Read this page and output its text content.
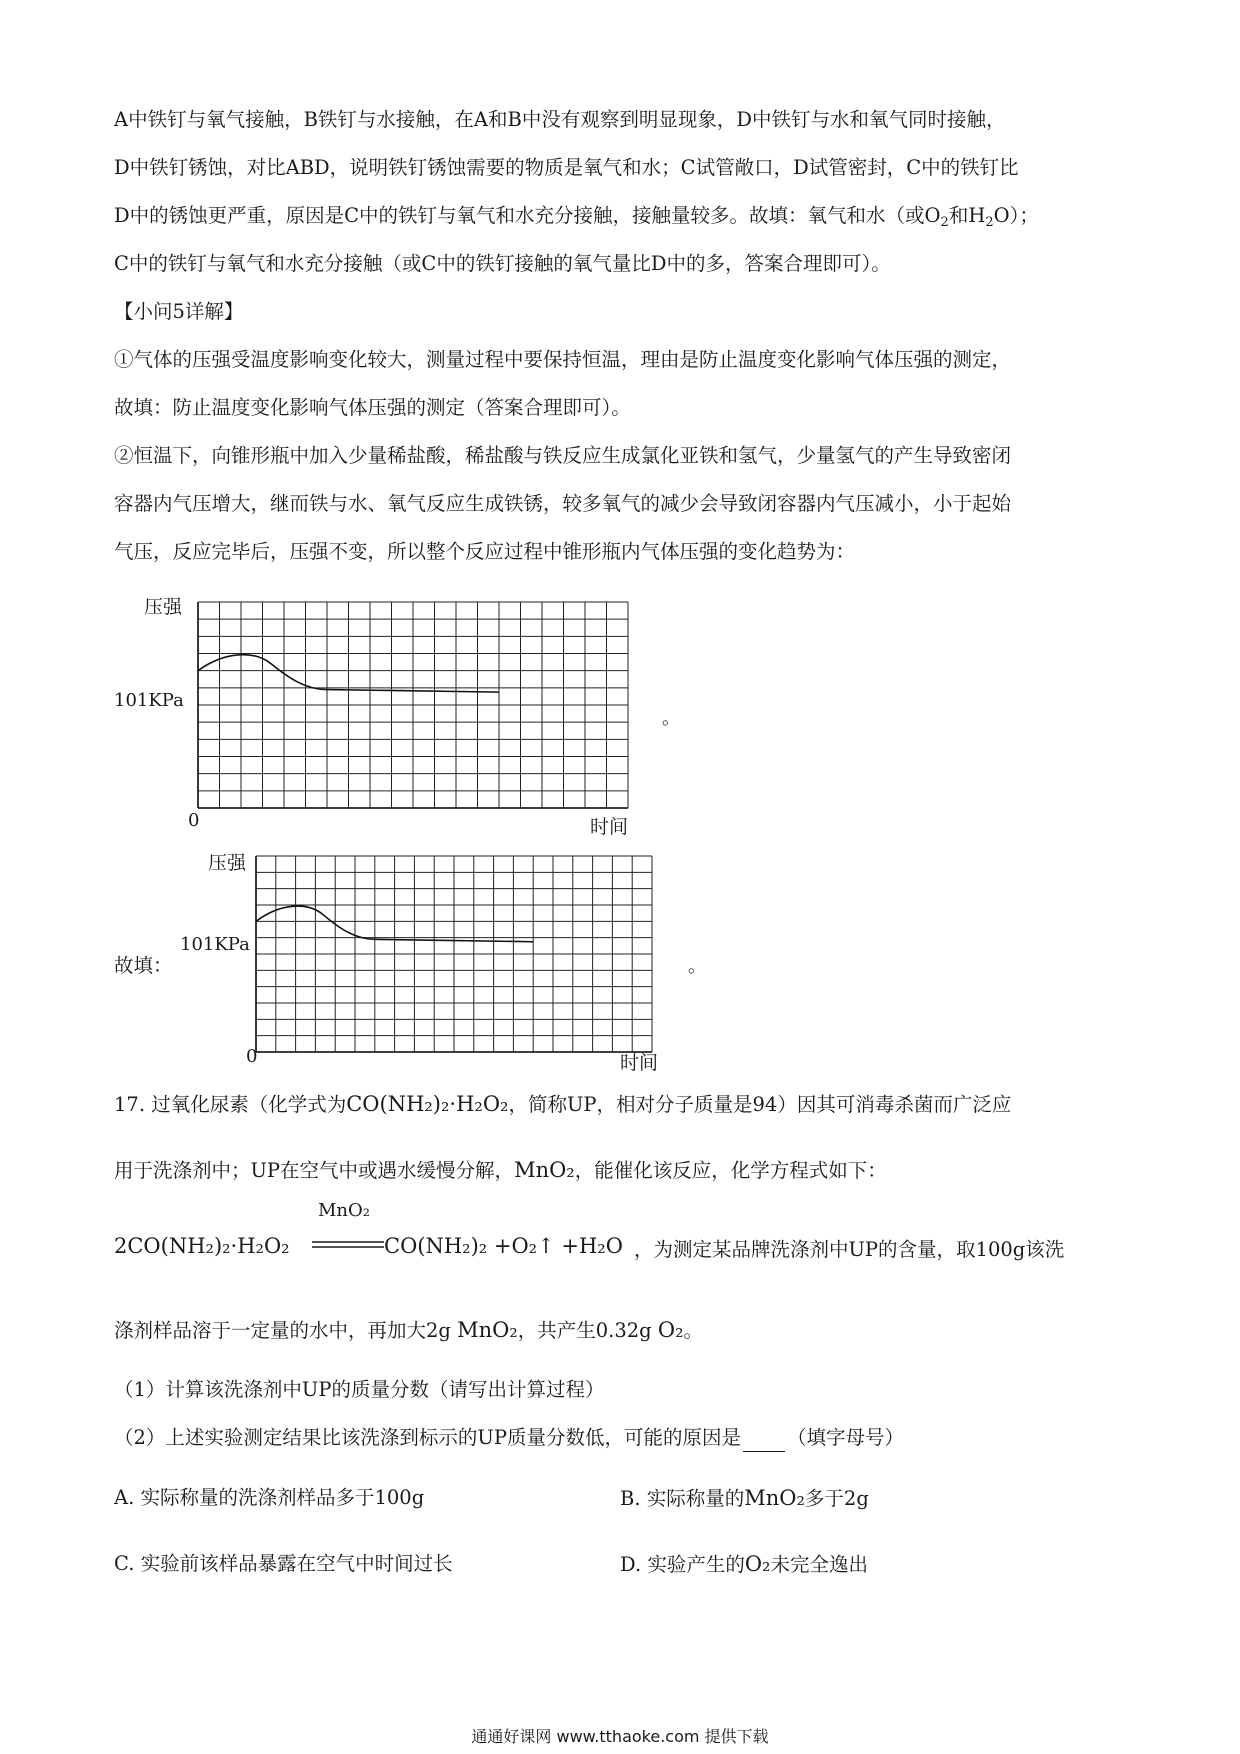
A中铁钉与氧气接触，B铁钉与水接触，在A和B中没有观察到明显现象，D中铁钉与水和氧气同时接触，
D中铁钉锈蚀，对比ABD，说明铁钉锈蚀需要的物质是氧气和水；C试管敞口，D试管密封，C中的铁钉比
D中的锈蚀更严重，原因是C中的铁钉与氧气和水充分接触，接触量较多。故填：氧气和水（或$O_2$和$H_2O$）；
C中的铁钉与氧气和水充分接触（或C中的铁钉接触的氧气量比D中的多，答案合理即可）。
【小问5详解】
①气体的压强受温度影响变化较大，测量过程中要保持恒温，理由是防止温度变化影响气体压强的测定，
故填：防止温度变化影响气体压强的测定（答案合理即可）。
②恒温下，向锥形瓶中加入少量稀盐酸，稀盐酸与铁反应生成氯化亚铁和氢气，少量氢气的产生导致密闭
容器内气压增大，继而铁与水、氧气反应生成铁锈，较多氧气的减少会导致闭容器内气压减小，小于起始
气压，反应完毕后，压强不变，所以整个反应过程中锥形瓶内气体压强的变化趋势为：
压强
101KPa
0	时间
。
压强
101KPa
0	时间
故填：	。
17. 过氧化尿素（化学式为CO(NH₂)₂·H₂O₂，简称UP，相对分子质量是94）因其可消毒杀菌而广泛应
用于洗涤剂中；UP在空气中或遇水缓慢分解，MnO₂，能催化该反应，化学方程式如下：
2CO(NH₂)₂·H₂O₂
MnO₂
CO(NH₂)₂ +O₂↑ +H₂O ，为测定某品牌洗涤剂中UP的含量，取100g该洗
涤剂样品溶于一定量的水中，再加大2g MnO₂，共产生0.32g O₂。
（1）计算该洗涤剂中UP的质量分数（请写出计算过程）
（2）上述实验测定结果比该洗涤到标示的UP质量分数低，可能的原因是 （填字母号）
A. 实际称量的洗涤剂样品多于100g	B. 实际称量的MnO₂多于2g
C. 实验前该样品暴露在空气中时间过长	D. 实验产生的O₂未完全逸出
通通好课网 www.tthaoke.com 提供下载
